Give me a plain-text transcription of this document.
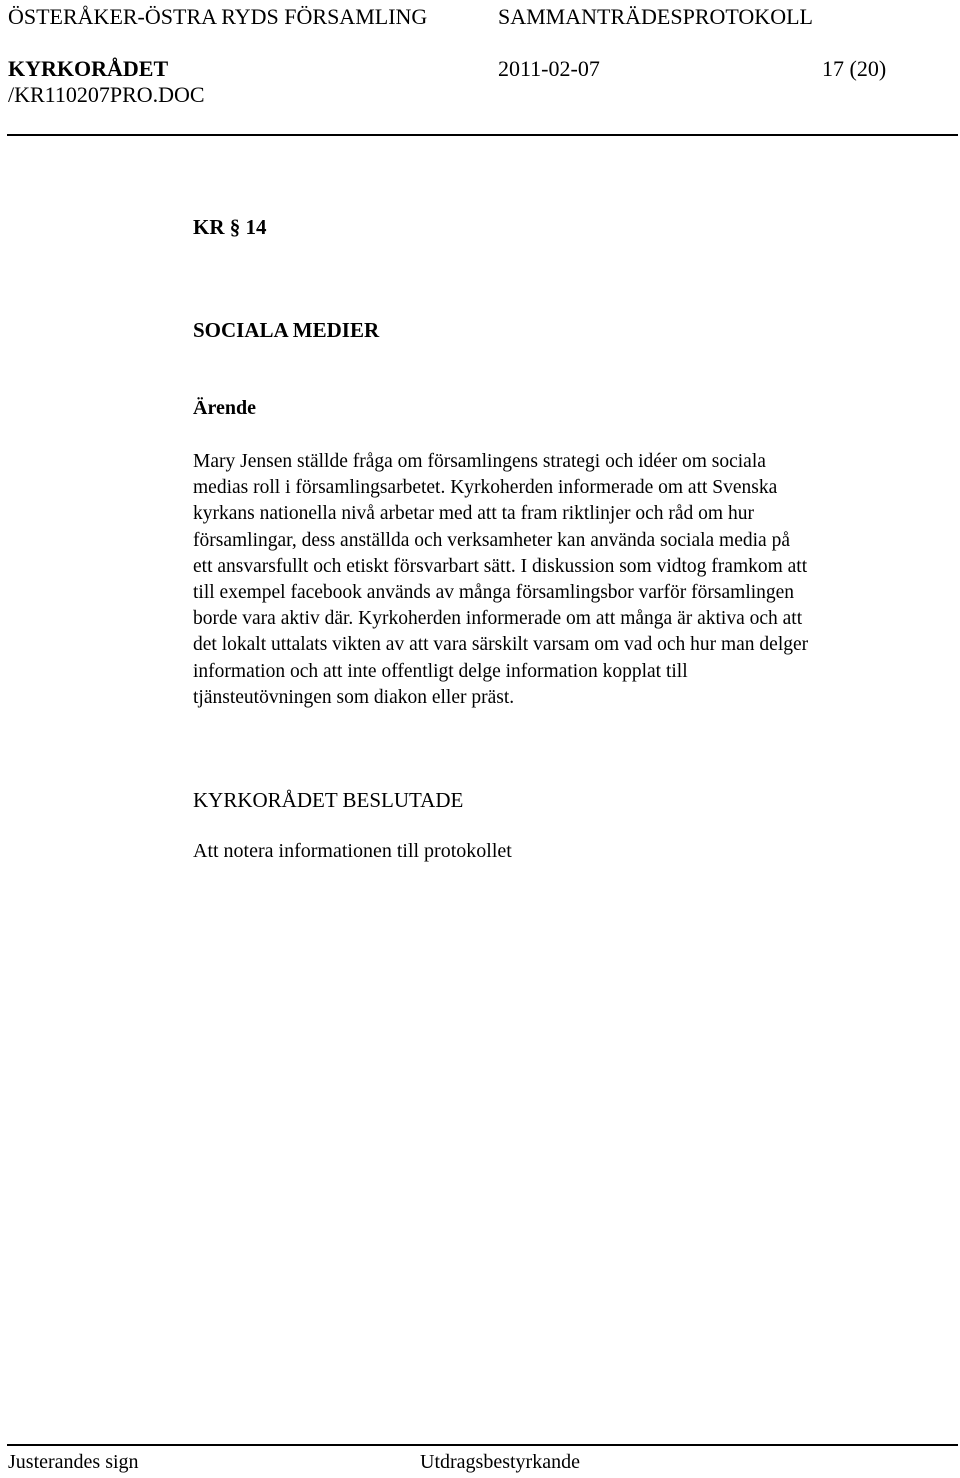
ÖSTERÅKER-ÖSTRA RYDS FÖRSAMLING	SAMMANTRÄDESPROTOKOLL
KYRKORÅDET	2011-02-07	17 (20)
/KR110207PRO.DOC
KR § 14
SOCIALA MEDIER
Ärende
Mary Jensen ställde fråga om församlingens strategi och idéer om sociala
medias roll i församlingsarbetet. Kyrkoherden informerade om att Svenska
kyrkans nationella nivå arbetar med att ta fram riktlinjer och råd om hur
församlingar, dess anställda och verksamheter kan använda sociala media på
ett ansvarsfullt och etiskt försvarbart sätt. I diskussion som vidtog framkom att
till exempel facebook används av många församlingsbor varför församlingen
borde vara aktiv där. Kyrkoherden informerade om att många är aktiva och att
det lokalt uttalats vikten av att vara särskilt varsam om vad och hur man delger
information och att inte offentligt delge information kopplat till
tjänsteutövningen som diakon eller präst.
KYRKORÅDET BESLUTADE
Att notera informationen till protokollet
Justerandes sign	Utdragsbestyrkande
